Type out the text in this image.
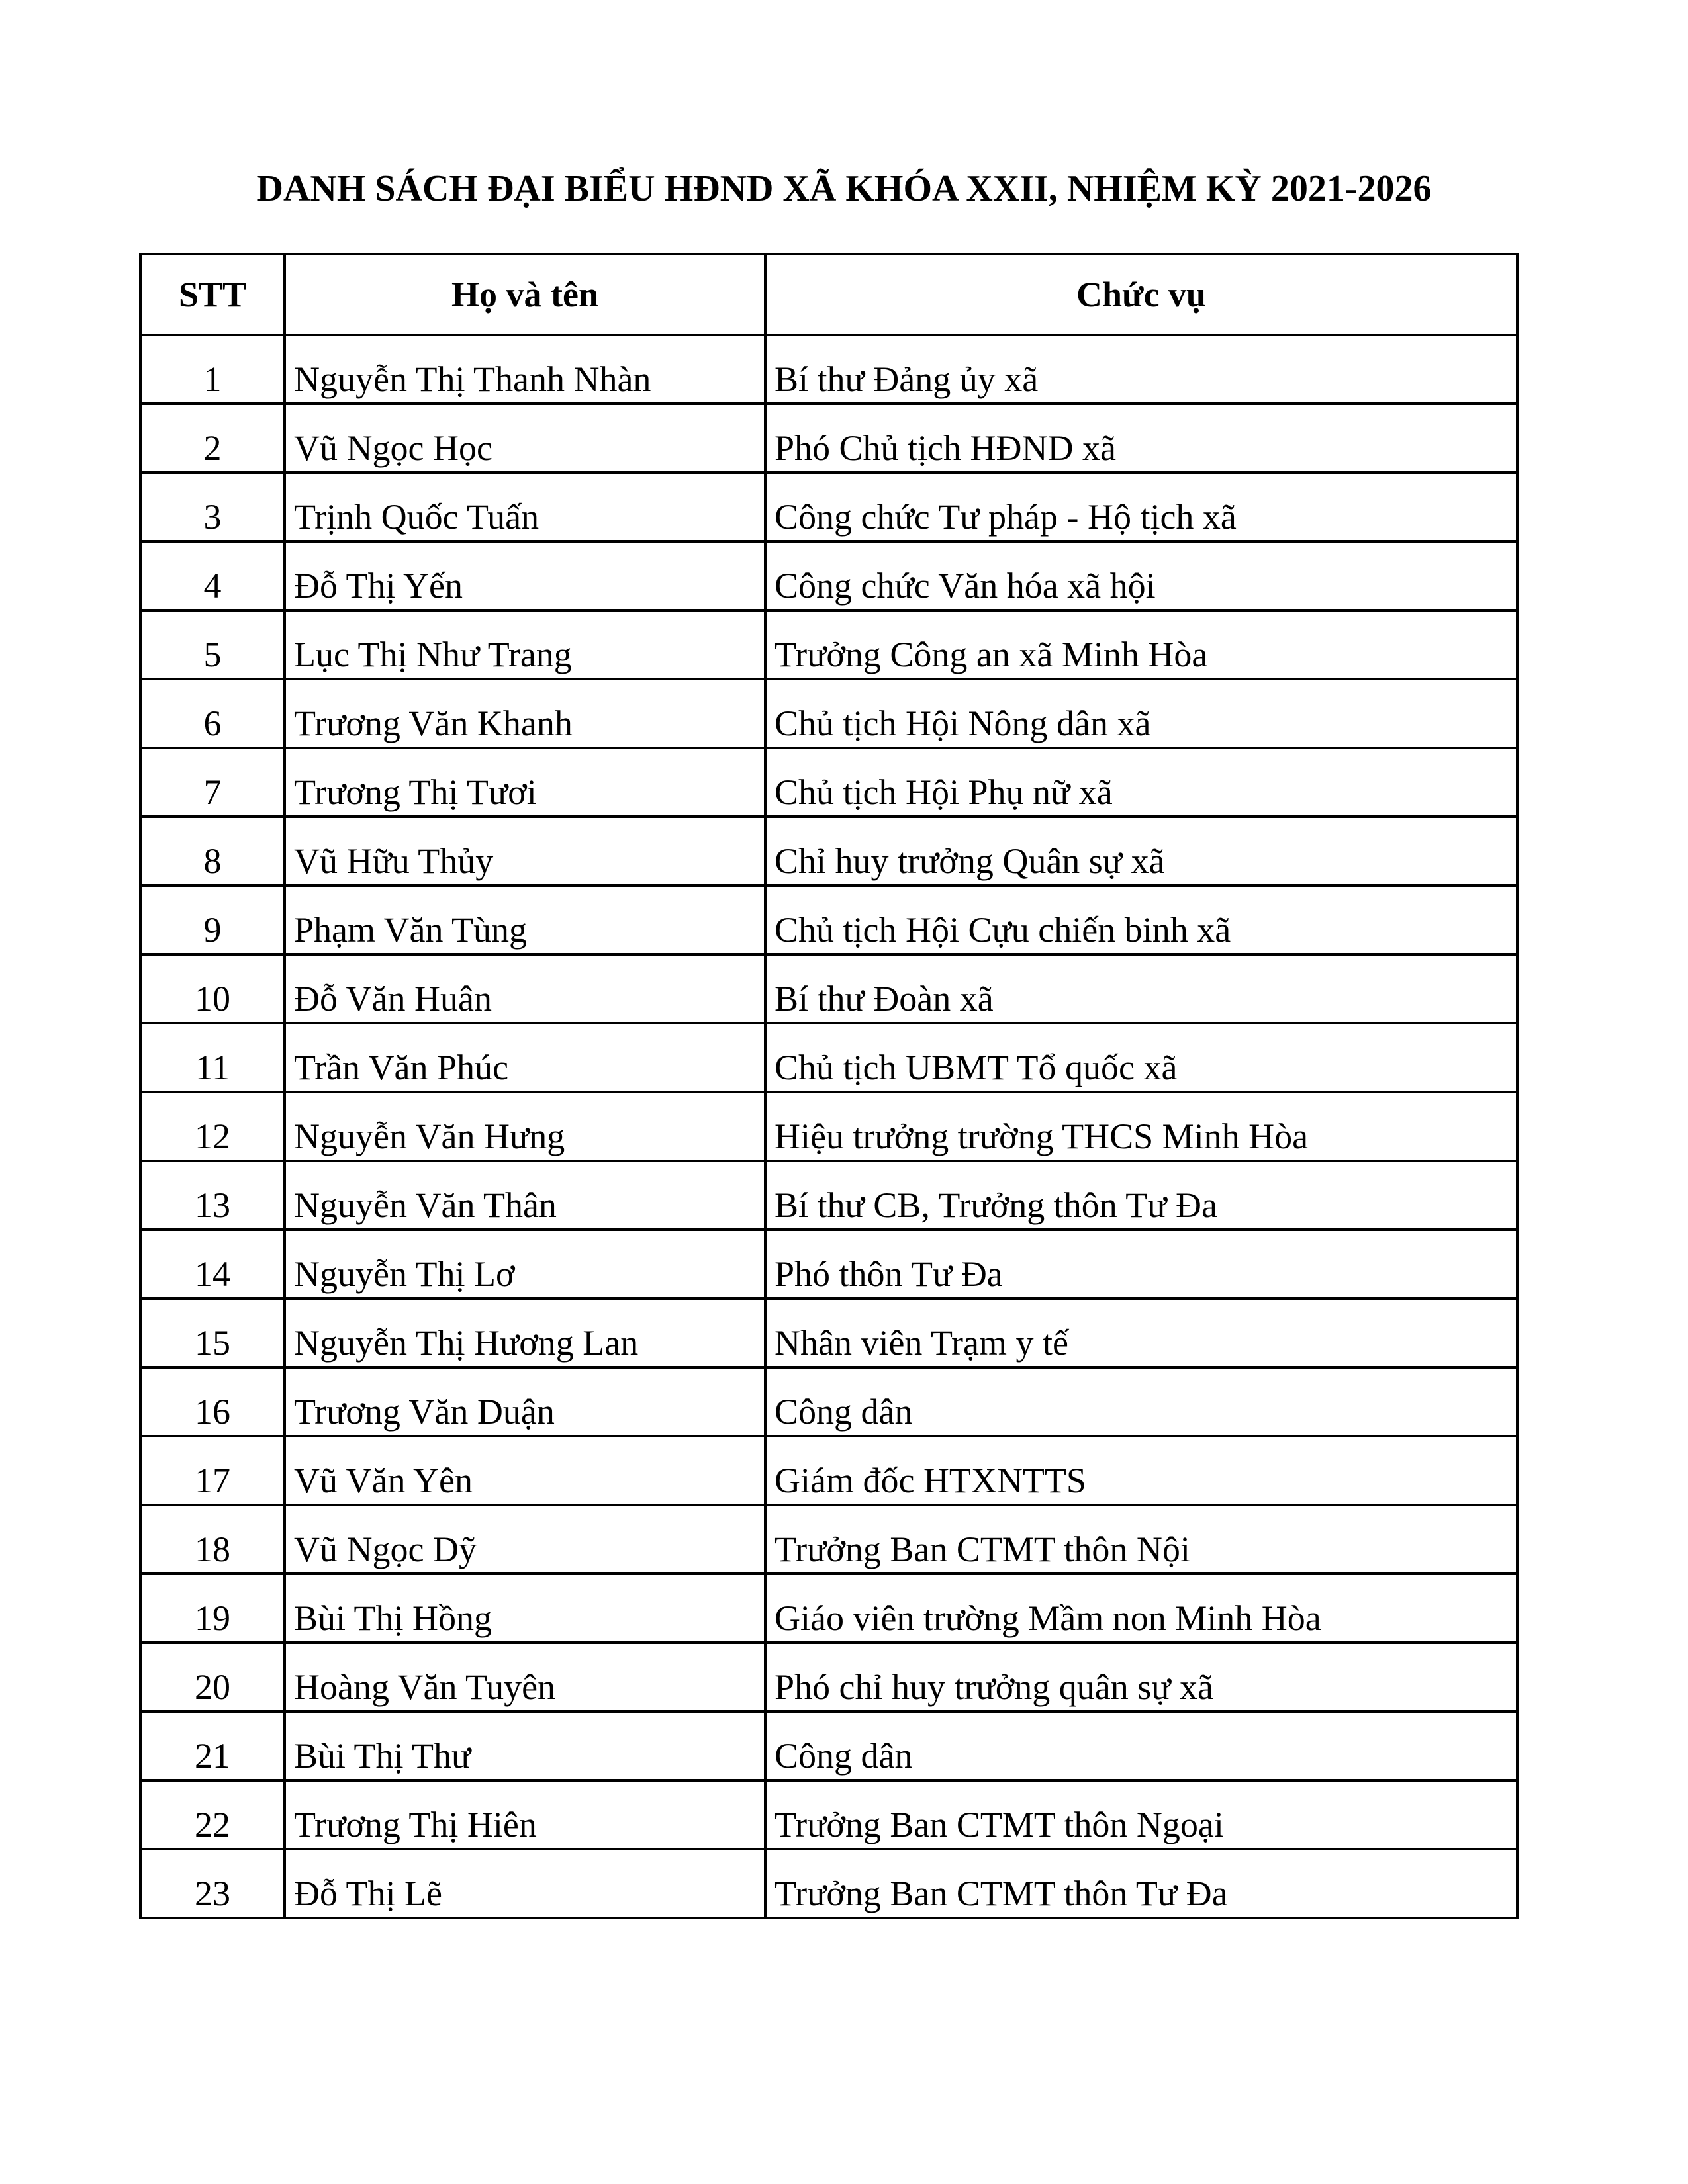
DANH SÁCH ĐẠI BIỂU HĐND XÃ KHÓA XXII, NHIỆM KỲ 2021-2026
STT	Họ và tên	Chức vụ
1	Nguyễn Thị Thanh Nhàn	Bí thư Đảng ủy xã
2	Vũ Ngọc Học	Phó Chủ tịch HĐND xã
3	Trịnh Quốc Tuấn	Công chức Tư pháp - Hộ tịch xã
4	Đỗ Thị Yến	Công chức Văn hóa xã hội
5	Lục Thị Như Trang	Trưởng Công an xã Minh Hòa
6	Trương Văn Khanh	Chủ tịch Hội Nông dân xã
7	Trương Thị Tươi	Chủ tịch Hội Phụ nữ xã
8	Vũ Hữu Thủy	Chỉ huy trưởng Quân sự xã
9	Phạm Văn Tùng	Chủ tịch Hội Cựu chiến binh xã
10	Đỗ Văn Huân	Bí thư Đoàn xã
11	Trần Văn Phúc	Chủ tịch UBMT Tổ quốc xã
12	Nguyễn Văn Hưng	Hiệu trưởng trường THCS Minh Hòa
13	Nguyễn Văn Thân	Bí thư CB, Trưởng thôn Tư Đa
14	Nguyễn Thị Lơ	Phó thôn Tư Đa
15	Nguyễn Thị Hương Lan	Nhân viên Trạm y tế
16	Trương Văn Duận	Công dân
17	Vũ Văn Yên	Giám đốc HTXNTTS
18	Vũ Ngọc Dỹ	Trưởng Ban CTMT thôn Nội
19	Bùi Thị Hồng	Giáo viên trường Mầm non Minh Hòa
20	Hoàng Văn Tuyên	Phó chỉ huy trưởng quân sự xã
21	Bùi Thị Thư	Công dân
22	Trương Thị Hiên	Trưởng Ban CTMT thôn Ngoại
23	Đỗ Thị Lẽ	Trưởng Ban CTMT thôn Tư Đa
